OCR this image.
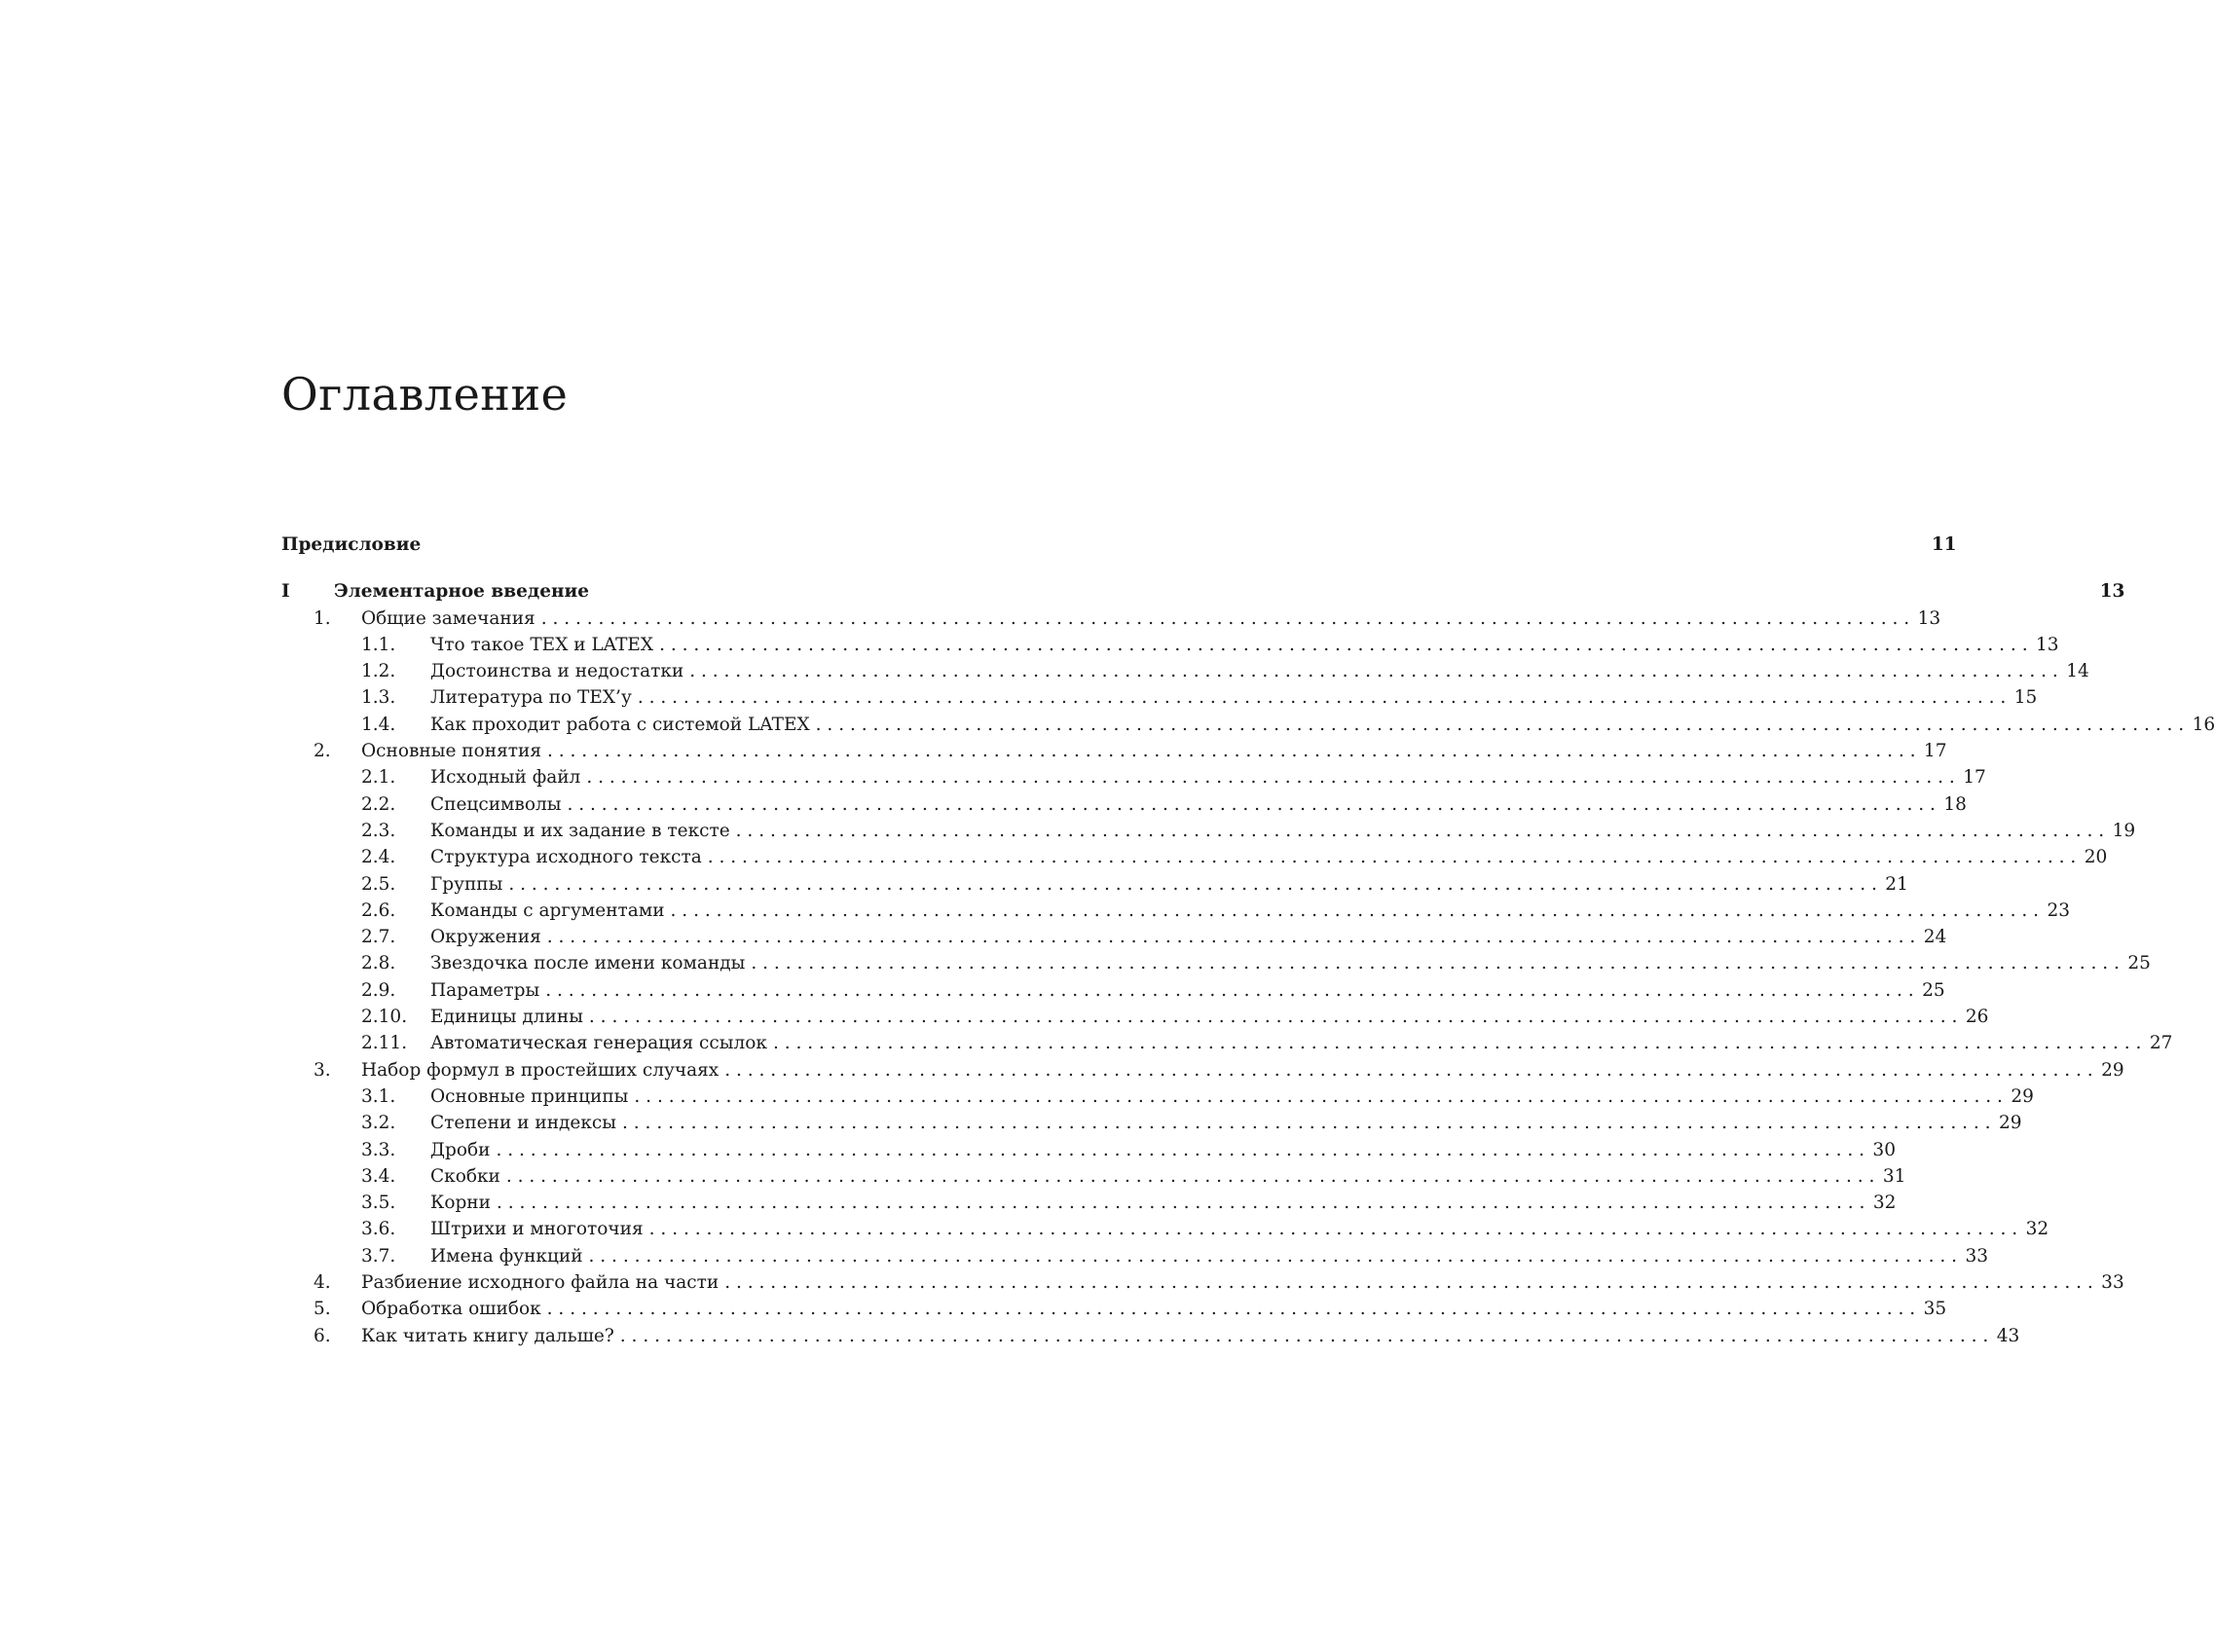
Оглавление
Предисловие	11
I	Элементарное введение	13
1.	Общие замечания . . . . . . . . . . . . . . . . . . . . . . . . . . . . . . . . . . . . . . . . . . . . . . . . . . . . . . . . . . . . . . . . . . . . . . . . . . . . . . . . . . . . . . . . . . . . . . . . . . . . . . . . . . . . . . . . . . . . . . . . 13
1.1.	Что такое TEX и LATEX . . . . . . . . . . . . . . . . . . . . . . . . . . . . . . . . . . . . . . . . . . . . . . . . . . . . . . . . . . . . . . . . . . . . . . . . . . . . . . . . . . . . . . . . . . . . . . . . . . . . . . . . . . . . . . . . . . . . . . . . 13
1.2.	Достоинства и недостатки . . . . . . . . . . . . . . . . . . . . . . . . . . . . . . . . . . . . . . . . . . . . . . . . . . . . . . . . . . . . . . . . . . . . . . . . . . . . . . . . . . . . . . . . . . . . . . . . . . . . . . . . . . . . . . . . . . . . . . . . 14
1.3.	Литература по TEX’у . . . . . . . . . . . . . . . . . . . . . . . . . . . . . . . . . . . . . . . . . . . . . . . . . . . . . . . . . . . . . . . . . . . . . . . . . . . . . . . . . . . . . . . . . . . . . . . . . . . . . . . . . . . . . . . . . . . . . . . . 15
1.4.	Как проходит работа с системой LATEX . . . . . . . . . . . . . . . . . . . . . . . . . . . . . . . . . . . . . . . . . . . . . . . . . . . . . . . . . . . . . . . . . . . . . . . . . . . . . . . . . . . . . . . . . . . . . . . . . . . . . . . . . . . . . . . . . . . . . . . . 16
2.	Основные понятия . . . . . . . . . . . . . . . . . . . . . . . . . . . . . . . . . . . . . . . . . . . . . . . . . . . . . . . . . . . . . . . . . . . . . . . . . . . . . . . . . . . . . . . . . . . . . . . . . . . . . . . . . . . . . . . . . . . . . . . . 17
2.1.	Исходный файл . . . . . . . . . . . . . . . . . . . . . . . . . . . . . . . . . . . . . . . . . . . . . . . . . . . . . . . . . . . . . . . . . . . . . . . . . . . . . . . . . . . . . . . . . . . . . . . . . . . . . . . . . . . . . . . . . . . . . . . . 17
2.2.	Спецсимволы . . . . . . . . . . . . . . . . . . . . . . . . . . . . . . . . . . . . . . . . . . . . . . . . . . . . . . . . . . . . . . . . . . . . . . . . . . . . . . . . . . . . . . . . . . . . . . . . . . . . . . . . . . . . . . . . . . . . . . . . 18
2.3.	Команды и их задание в тексте . . . . . . . . . . . . . . . . . . . . . . . . . . . . . . . . . . . . . . . . . . . . . . . . . . . . . . . . . . . . . . . . . . . . . . . . . . . . . . . . . . . . . . . . . . . . . . . . . . . . . . . . . . . . . . . . . . . . . . . . 19
2.4.	Структура исходного текста . . . . . . . . . . . . . . . . . . . . . . . . . . . . . . . . . . . . . . . . . . . . . . . . . . . . . . . . . . . . . . . . . . . . . . . . . . . . . . . . . . . . . . . . . . . . . . . . . . . . . . . . . . . . . . . . . . . . . . . . 20
2.5.	Группы . . . . . . . . . . . . . . . . . . . . . . . . . . . . . . . . . . . . . . . . . . . . . . . . . . . . . . . . . . . . . . . . . . . . . . . . . . . . . . . . . . . . . . . . . . . . . . . . . . . . . . . . . . . . . . . . . . . . . . . . 21
2.6.	Команды с аргументами . . . . . . . . . . . . . . . . . . . . . . . . . . . . . . . . . . . . . . . . . . . . . . . . . . . . . . . . . . . . . . . . . . . . . . . . . . . . . . . . . . . . . . . . . . . . . . . . . . . . . . . . . . . . . . . . . . . . . . . . 23
2.7.	Окружения . . . . . . . . . . . . . . . . . . . . . . . . . . . . . . . . . . . . . . . . . . . . . . . . . . . . . . . . . . . . . . . . . . . . . . . . . . . . . . . . . . . . . . . . . . . . . . . . . . . . . . . . . . . . . . . . . . . . . . . . 24
2.8.	Звездочка после имени команды . . . . . . . . . . . . . . . . . . . . . . . . . . . . . . . . . . . . . . . . . . . . . . . . . . . . . . . . . . . . . . . . . . . . . . . . . . . . . . . . . . . . . . . . . . . . . . . . . . . . . . . . . . . . . . . . . . . . . . . . 25
2.9.	Параметры . . . . . . . . . . . . . . . . . . . . . . . . . . . . . . . . . . . . . . . . . . . . . . . . . . . . . . . . . . . . . . . . . . . . . . . . . . . . . . . . . . . . . . . . . . . . . . . . . . . . . . . . . . . . . . . . . . . . . . . . 25
2.10.	Единицы длины . . . . . . . . . . . . . . . . . . . . . . . . . . . . . . . . . . . . . . . . . . . . . . . . . . . . . . . . . . . . . . . . . . . . . . . . . . . . . . . . . . . . . . . . . . . . . . . . . . . . . . . . . . . . . . . . . . . . . . . . 26
2.11.	Автоматическая генерация ссылок . . . . . . . . . . . . . . . . . . . . . . . . . . . . . . . . . . . . . . . . . . . . . . . . . . . . . . . . . . . . . . . . . . . . . . . . . . . . . . . . . . . . . . . . . . . . . . . . . . . . . . . . . . . . . . . . . . . . . . . . 27
3.	Набор формул в простейших случаях . . . . . . . . . . . . . . . . . . . . . . . . . . . . . . . . . . . . . . . . . . . . . . . . . . . . . . . . . . . . . . . . . . . . . . . . . . . . . . . . . . . . . . . . . . . . . . . . . . . . . . . . . . . . . . . . . . . . . . . . 29
3.1.	Основные принципы . . . . . . . . . . . . . . . . . . . . . . . . . . . . . . . . . . . . . . . . . . . . . . . . . . . . . . . . . . . . . . . . . . . . . . . . . . . . . . . . . . . . . . . . . . . . . . . . . . . . . . . . . . . . . . . . . . . . . . . . 29
3.2.	Степени и индексы . . . . . . . . . . . . . . . . . . . . . . . . . . . . . . . . . . . . . . . . . . . . . . . . . . . . . . . . . . . . . . . . . . . . . . . . . . . . . . . . . . . . . . . . . . . . . . . . . . . . . . . . . . . . . . . . . . . . . . . . 29
3.3.	Дроби . . . . . . . . . . . . . . . . . . . . . . . . . . . . . . . . . . . . . . . . . . . . . . . . . . . . . . . . . . . . . . . . . . . . . . . . . . . . . . . . . . . . . . . . . . . . . . . . . . . . . . . . . . . . . . . . . . . . . . . . 30
3.4.	Скобки . . . . . . . . . . . . . . . . . . . . . . . . . . . . . . . . . . . . . . . . . . . . . . . . . . . . . . . . . . . . . . . . . . . . . . . . . . . . . . . . . . . . . . . . . . . . . . . . . . . . . . . . . . . . . . . . . . . . . . . . 31
3.5.	Корни . . . . . . . . . . . . . . . . . . . . . . . . . . . . . . . . . . . . . . . . . . . . . . . . . . . . . . . . . . . . . . . . . . . . . . . . . . . . . . . . . . . . . . . . . . . . . . . . . . . . . . . . . . . . . . . . . . . . . . . . 32
3.6.	Штрихи и многоточия . . . . . . . . . . . . . . . . . . . . . . . . . . . . . . . . . . . . . . . . . . . . . . . . . . . . . . . . . . . . . . . . . . . . . . . . . . . . . . . . . . . . . . . . . . . . . . . . . . . . . . . . . . . . . . . . . . . . . . . . 32
3.7.	Имена функций . . . . . . . . . . . . . . . . . . . . . . . . . . . . . . . . . . . . . . . . . . . . . . . . . . . . . . . . . . . . . . . . . . . . . . . . . . . . . . . . . . . . . . . . . . . . . . . . . . . . . . . . . . . . . . . . . . . . . . . . 33
4.	Разбиение исходного файла на части . . . . . . . . . . . . . . . . . . . . . . . . . . . . . . . . . . . . . . . . . . . . . . . . . . . . . . . . . . . . . . . . . . . . . . . . . . . . . . . . . . . . . . . . . . . . . . . . . . . . . . . . . . . . . . . . . . . . . . . . 33
5.	Обработка ошибок . . . . . . . . . . . . . . . . . . . . . . . . . . . . . . . . . . . . . . . . . . . . . . . . . . . . . . . . . . . . . . . . . . . . . . . . . . . . . . . . . . . . . . . . . . . . . . . . . . . . . . . . . . . . . . . . . . . . . . . . 35
6.	Как читать книгу дальше? . . . . . . . . . . . . . . . . . . . . . . . . . . . . . . . . . . . . . . . . . . . . . . . . . . . . . . . . . . . . . . . . . . . . . . . . . . . . . . . . . . . . . . . . . . . . . . . . . . . . . . . . . . . . . . . . . . . . . . . . 43
